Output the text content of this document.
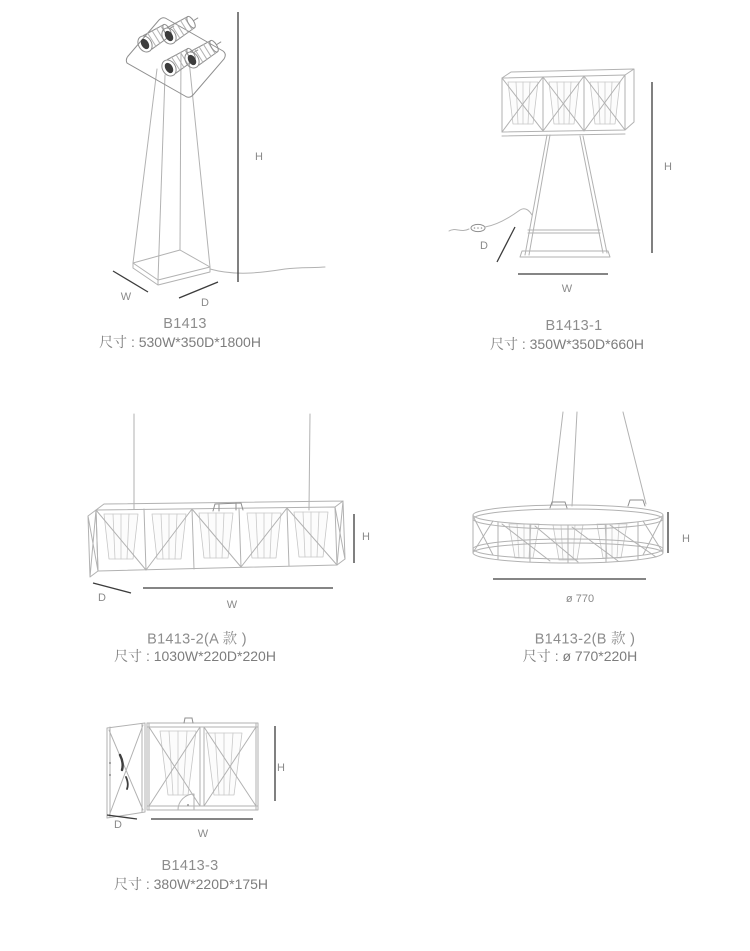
H
W	D
B1413
尺寸 : 530W*350D*1800H
H
D
W
B1413-1
尺寸 : 350W*350D*660H
H
D
W
B1413-2(A 款 )
尺寸 : 1030W*220D*220H
H
ø 770
B1413-2(B 款 )
尺寸 : ø 770*220H
H
D
W
B1413-3
尺寸 : 380W*220D*175H
